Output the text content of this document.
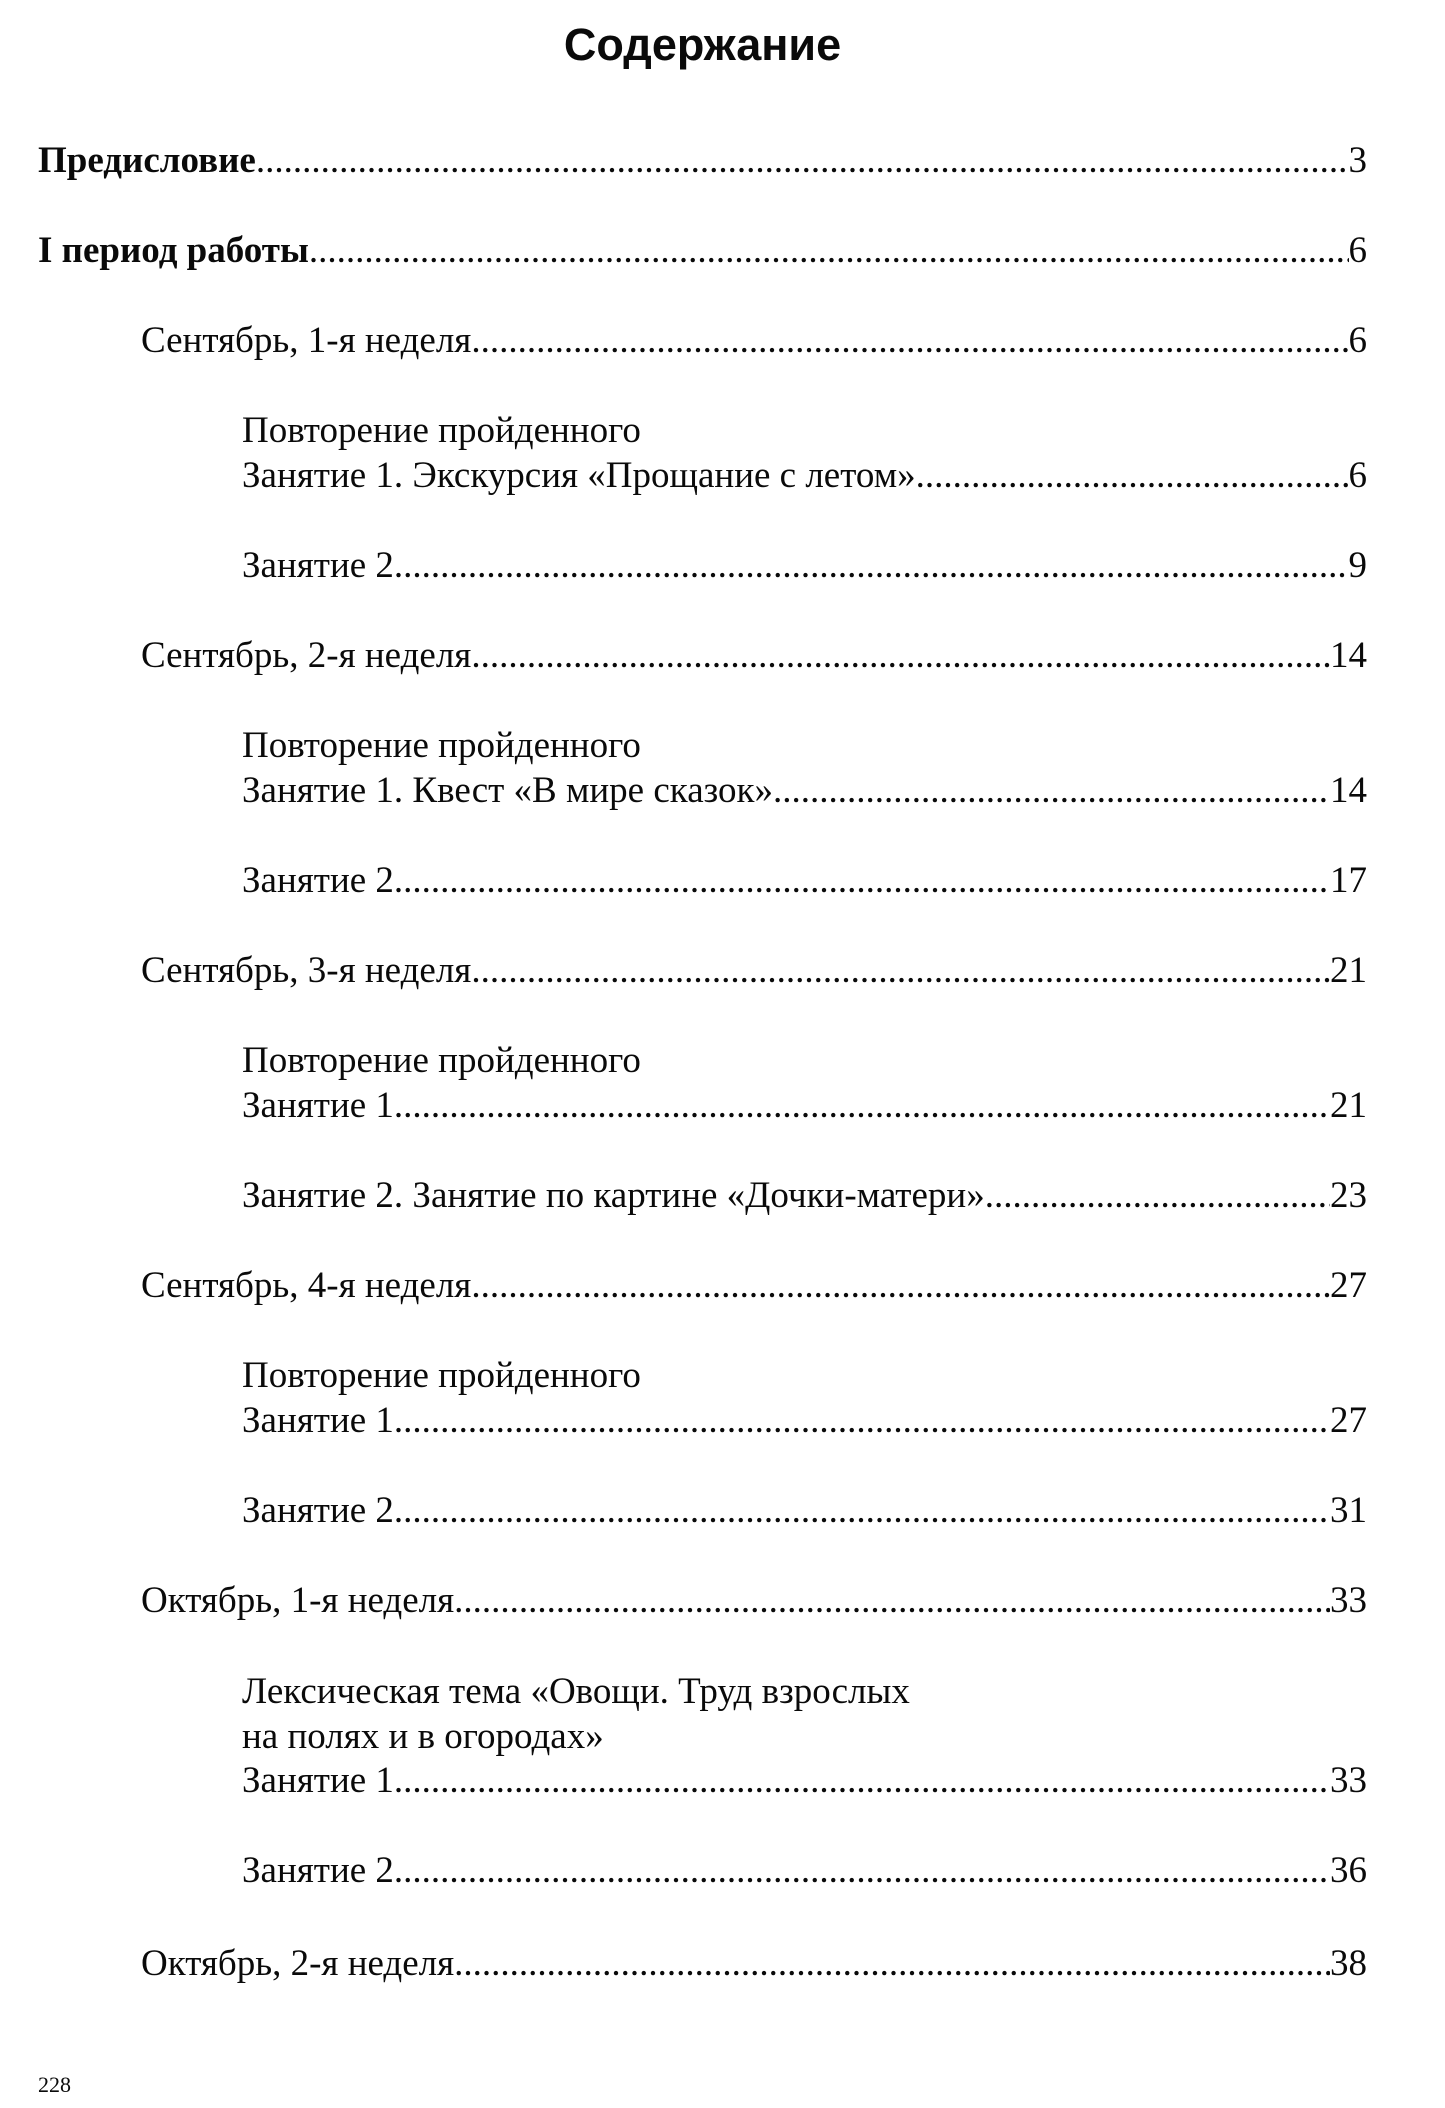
Содержание
Предисловие .....	3
I период работы .....	6
Сентябрь, 1-я неделя .....	6
Повторение пройденного
Занятие 1. Экскурсия «Прощание с летом» .....	6
Занятие 2 .....	9
Сентябрь, 2-я неделя .....	14
Повторение пройденного
Занятие 1. Квест «В мире сказок» .....	14
Занятие 2 .....	17
Сентябрь, 3-я неделя .....	21
Повторение пройденного
Занятие 1 .....	21
Занятие 2. Занятие по картине «Дочки-матери» .....	23
Сентябрь, 4-я неделя .....	27
Повторение пройденного
Занятие 1 .....	27
Занятие 2 .....	31
Октябрь, 1-я неделя .....	33
Лексическая тема «Овощи. Труд взрослых
на полях и в огородах»
Занятие 1 .....	33
Занятие 2 .....	36
Октябрь, 2-я неделя .....	38
228
